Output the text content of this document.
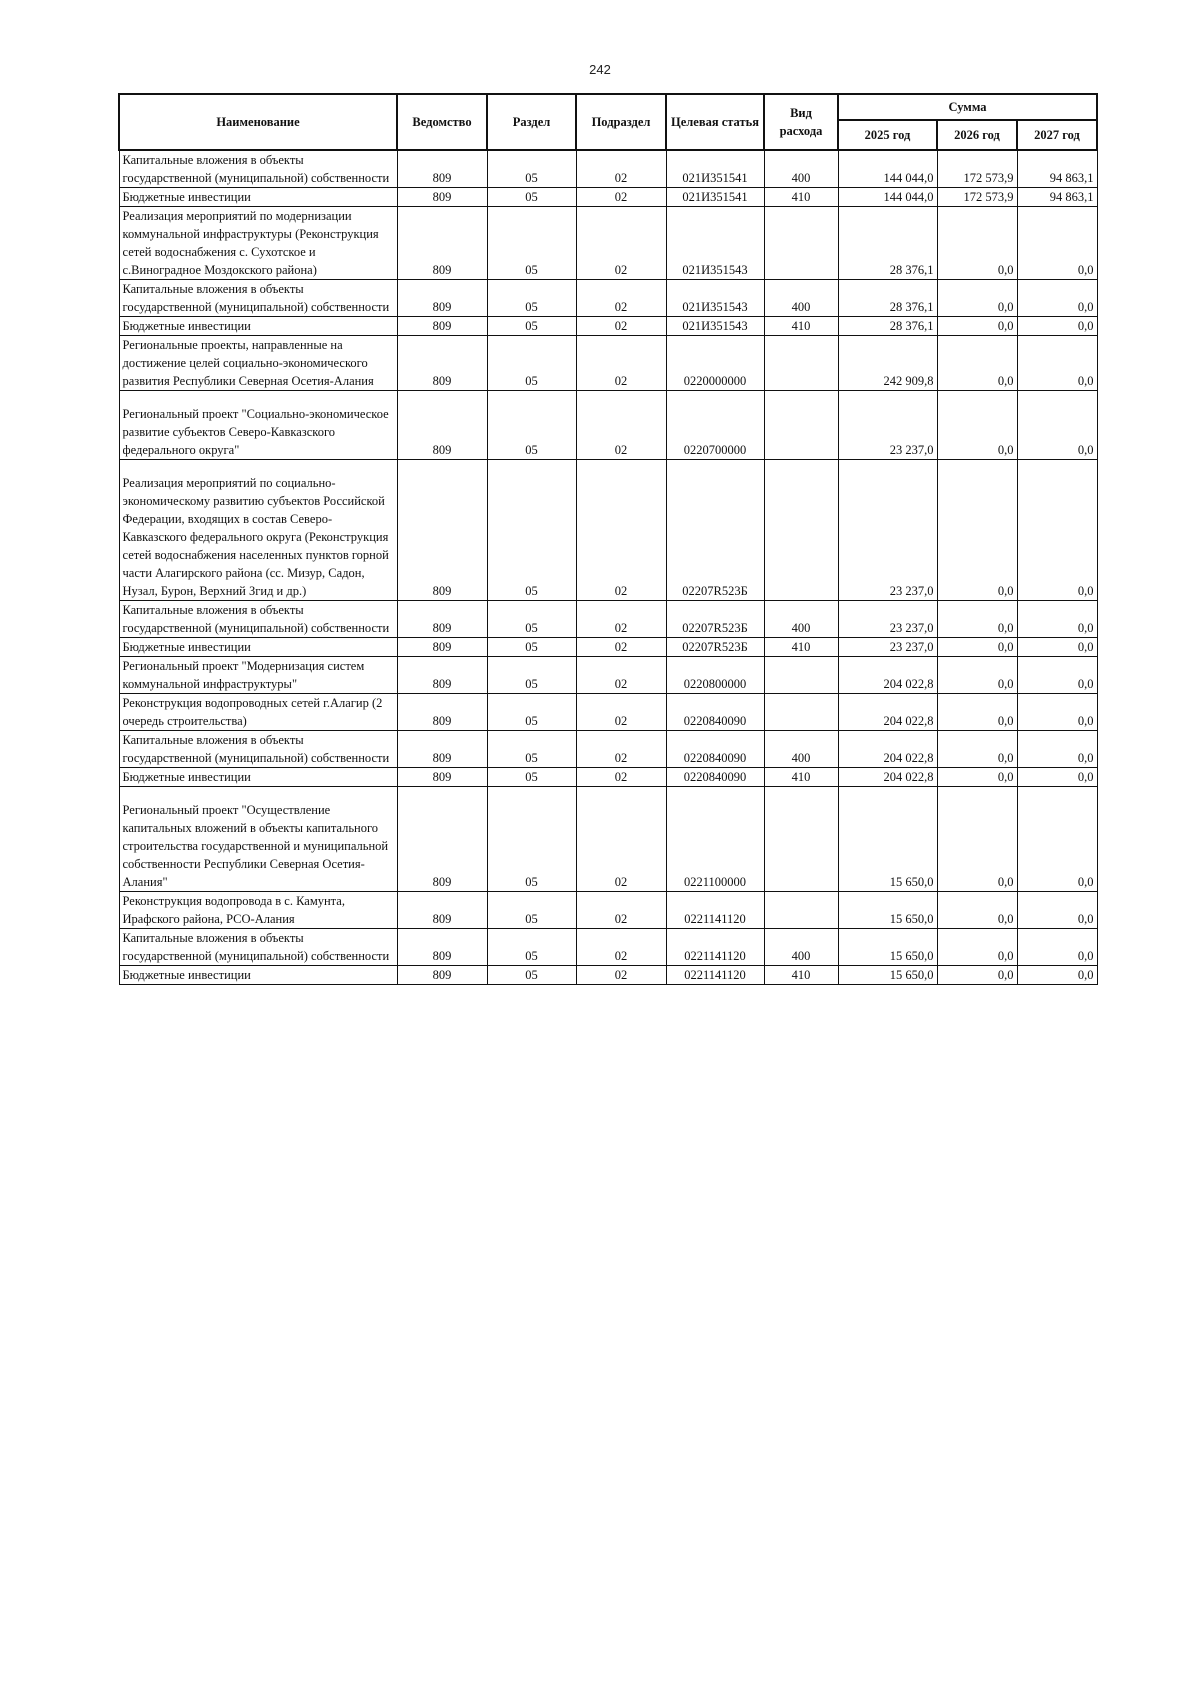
242
Наименование	Ведомство	Раздел	Подраздел	Целевая статья	Вид расхода	Сумма		
						2025 год	2026 год	2027 год
Капитальные вложения в объекты государственной (муниципальной) собственности	809	05	02	021И351541	400	144 044,0	172 573,9	94 863,1
Бюджетные инвестиции	809	05	02	021И351541	410	144 044,0	172 573,9	94 863,1
Реализация мероприятий по модернизации коммунальной инфраструктуры (Реконструкция сетей водоснабжения с. Сухотское и с.Виноградное Моздокского района)	809	05	02	021И351543		28 376,1	0,0	0,0
Капитальные вложения в объекты государственной (муниципальной) собственности	809	05	02	021И351543	400	28 376,1	0,0	0,0
Бюджетные инвестиции	809	05	02	021И351543	410	28 376,1	0,0	0,0
Региональные проекты, направленные на достижение целей социально-экономического развития Республики Северная Осетия-Алания	809	05	02	0220000000		242 909,8	0,0	0,0
Региональный проект "Социально-экономическое развитие субъектов Северо-Кавказского федерального округа"	809	05	02	0220700000		23 237,0	0,0	0,0
Реализация мероприятий по социально-экономическому развитию субъектов Российской Федерации, входящих в состав Северо-Кавказского федерального округа (Реконструкция сетей водоснабжения населенных пунктов горной части Алагирского района (сс. Мизур, Садон, Нузал, Бурон, Верхний Згид и др.)	809	05	02	02207R523Б		23 237,0	0,0	0,0
Капитальные вложения в объекты государственной (муниципальной) собственности	809	05	02	02207R523Б	400	23 237,0	0,0	0,0
Бюджетные инвестиции	809	05	02	02207R523Б	410	23 237,0	0,0	0,0
Региональный проект "Модернизация систем коммунальной инфраструктуры"	809	05	02	0220800000		204 022,8	0,0	0,0
Реконструкция водопроводных сетей г.Алагир (2 очередь строительства)	809	05	02	0220840090		204 022,8	0,0	0,0
Капитальные вложения в объекты государственной (муниципальной) собственности	809	05	02	0220840090	400	204 022,8	0,0	0,0
Бюджетные инвестиции	809	05	02	0220840090	410	204 022,8	0,0	0,0
Региональный проект "Осуществление капитальных вложений в объекты капитального строительства государственной и муниципальной собственности Республики Северная Осетия-Алания"	809	05	02	0221100000		15 650,0	0,0	0,0
Реконструкция водопровода в с. Камунта, Ирафского района, РСО-Алания	809	05	02	0221141120		15 650,0	0,0	0,0
Капитальные вложения в объекты государственной (муниципальной) собственности	809	05	02	0221141120	400	15 650,0	0,0	0,0
Бюджетные инвестиции	809	05	02	0221141120	410	15 650,0	0,0	0,0
